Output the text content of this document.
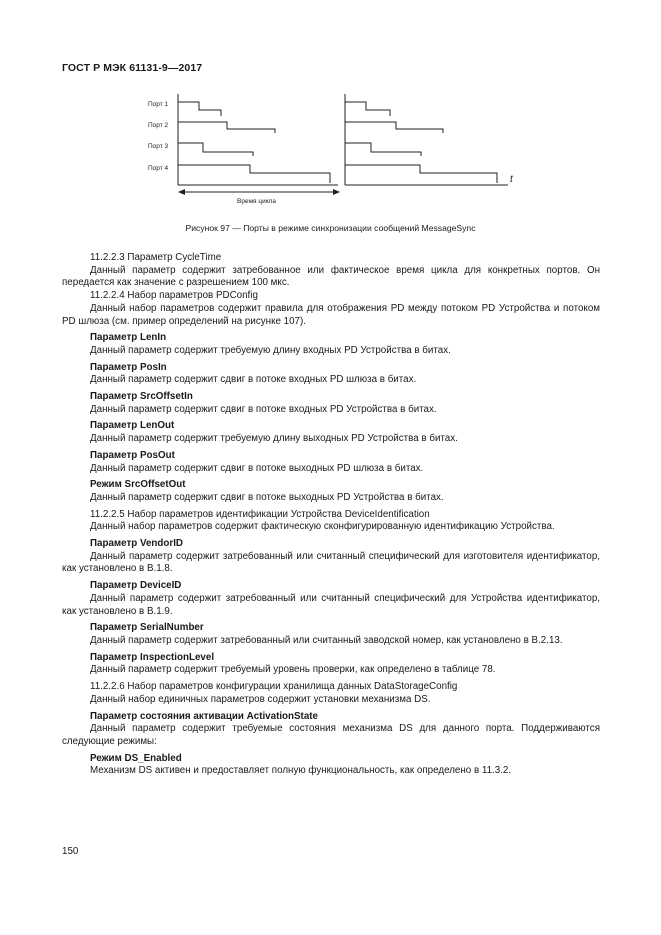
ГОСТ Р МЭК 61131-9—2017
Порт 1
Порт 2
Порт 3
Порт 4
Время цикла
t
Рисунок 97 — Порты в режиме синхронизации сообщений MessageSync

11.2.2.3 Параметр CycleTime

Данный параметр содержит затребованное или фактическое время цикла для конкретных портов. Он передается как значение с разрешением 100 мкс.

11.2.2.4 Набор параметров PDConfig

Данный набор параметров содержит правила для отображения PD между потоком PD Устройства и потоком PD шлюза (см. пример определений на рисунке 107).

Параметр LenIn

Данный параметр содержит требуемую длину входных PD Устройства в битах.

Параметр PosIn

Данный параметр содержит сдвиг в потоке входных PD шлюза в битах.

Параметр SrcOffsetIn

Данный параметр содержит сдвиг в потоке входных PD Устройства в битах.

Параметр LenOut

Данный параметр содержит требуемую длину выходных PD Устройства в битах.

Параметр PosOut

Данный параметр содержит сдвиг в потоке выходных PD шлюза в битах.

Режим SrcOffsetOut

Данный параметр содержит сдвиг в потоке выходных PD Устройства в битах.

11.2.2.5 Набор параметров идентификации Устройства DeviceIdentification

Данный набор параметров содержит фактическую сконфигурированную идентификацию Устройства.

Параметр VendorID

Данный параметр содержит затребованный или считанный специфический для изготовителя идентификатор, как установлено в B.1.8.

Параметр DeviceID

Данный параметр содержит затребованный или считанный специфический для Устройства идентификатор, как установлено в B.1.9.

Параметр SerialNumber

Данный параметр содержит затребованный или считанный заводской номер, как установлено в B.2.13.

Параметр InspectionLevel

Данный параметр содержит требуемый уровень проверки, как определено в таблице 78.

11.2.2.6 Набор параметров конфигурации хранилища данных DataStorageConfig

Данный набор единичных параметров содержит установки механизма DS.

Параметр состояния активации ActivationState

Данный параметр содержит требуемые состояния механизма DS для данного порта. Поддерживаются следующие режимы:

Режим DS_Enabled

Механизм DS активен и предоставляет полную функциональность, как определено в 11.3.2.

150
